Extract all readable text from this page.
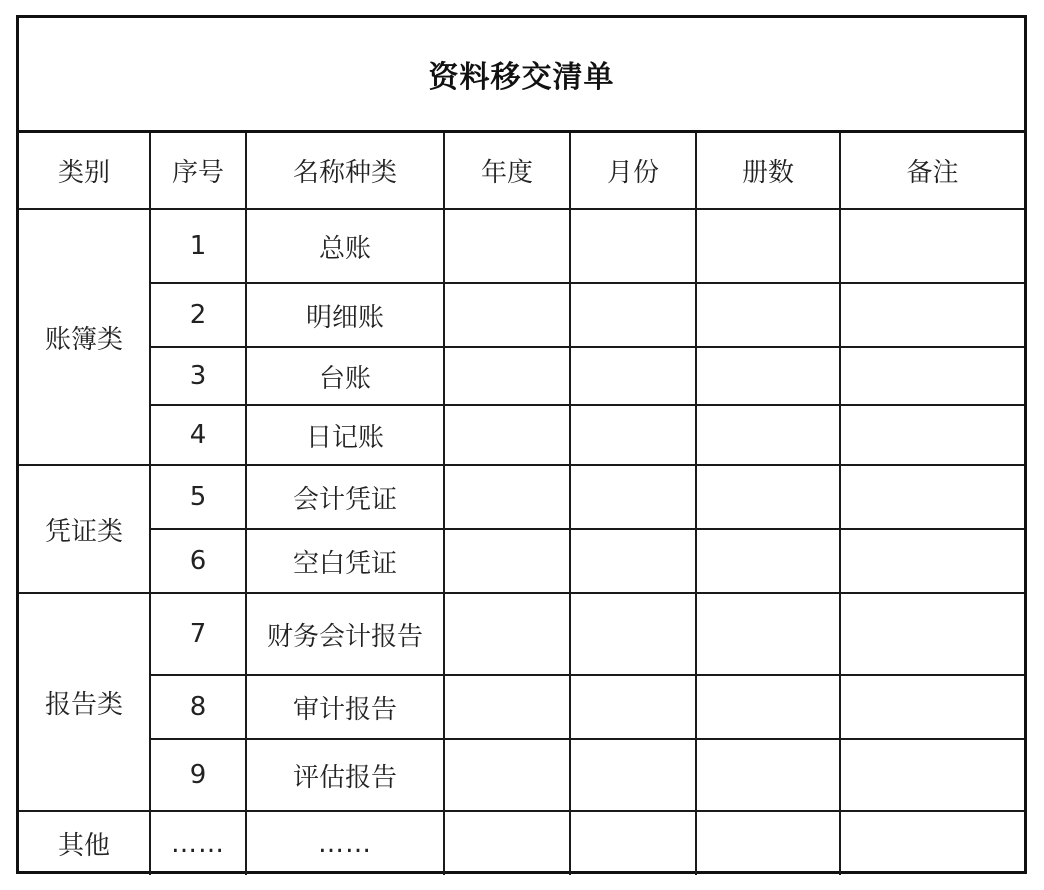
资料移交清单
类别	序号	名称种类	年度	月份	册数	备注
账簿类	1	总账				
	2	明细账				
	3	台账				
	4	日记账				
凭证类	5	会计凭证				
	6	空白凭证				
报告类	7	财务会计报告				
	8	审计报告				
	9	评估报告				
其他	……	……				
